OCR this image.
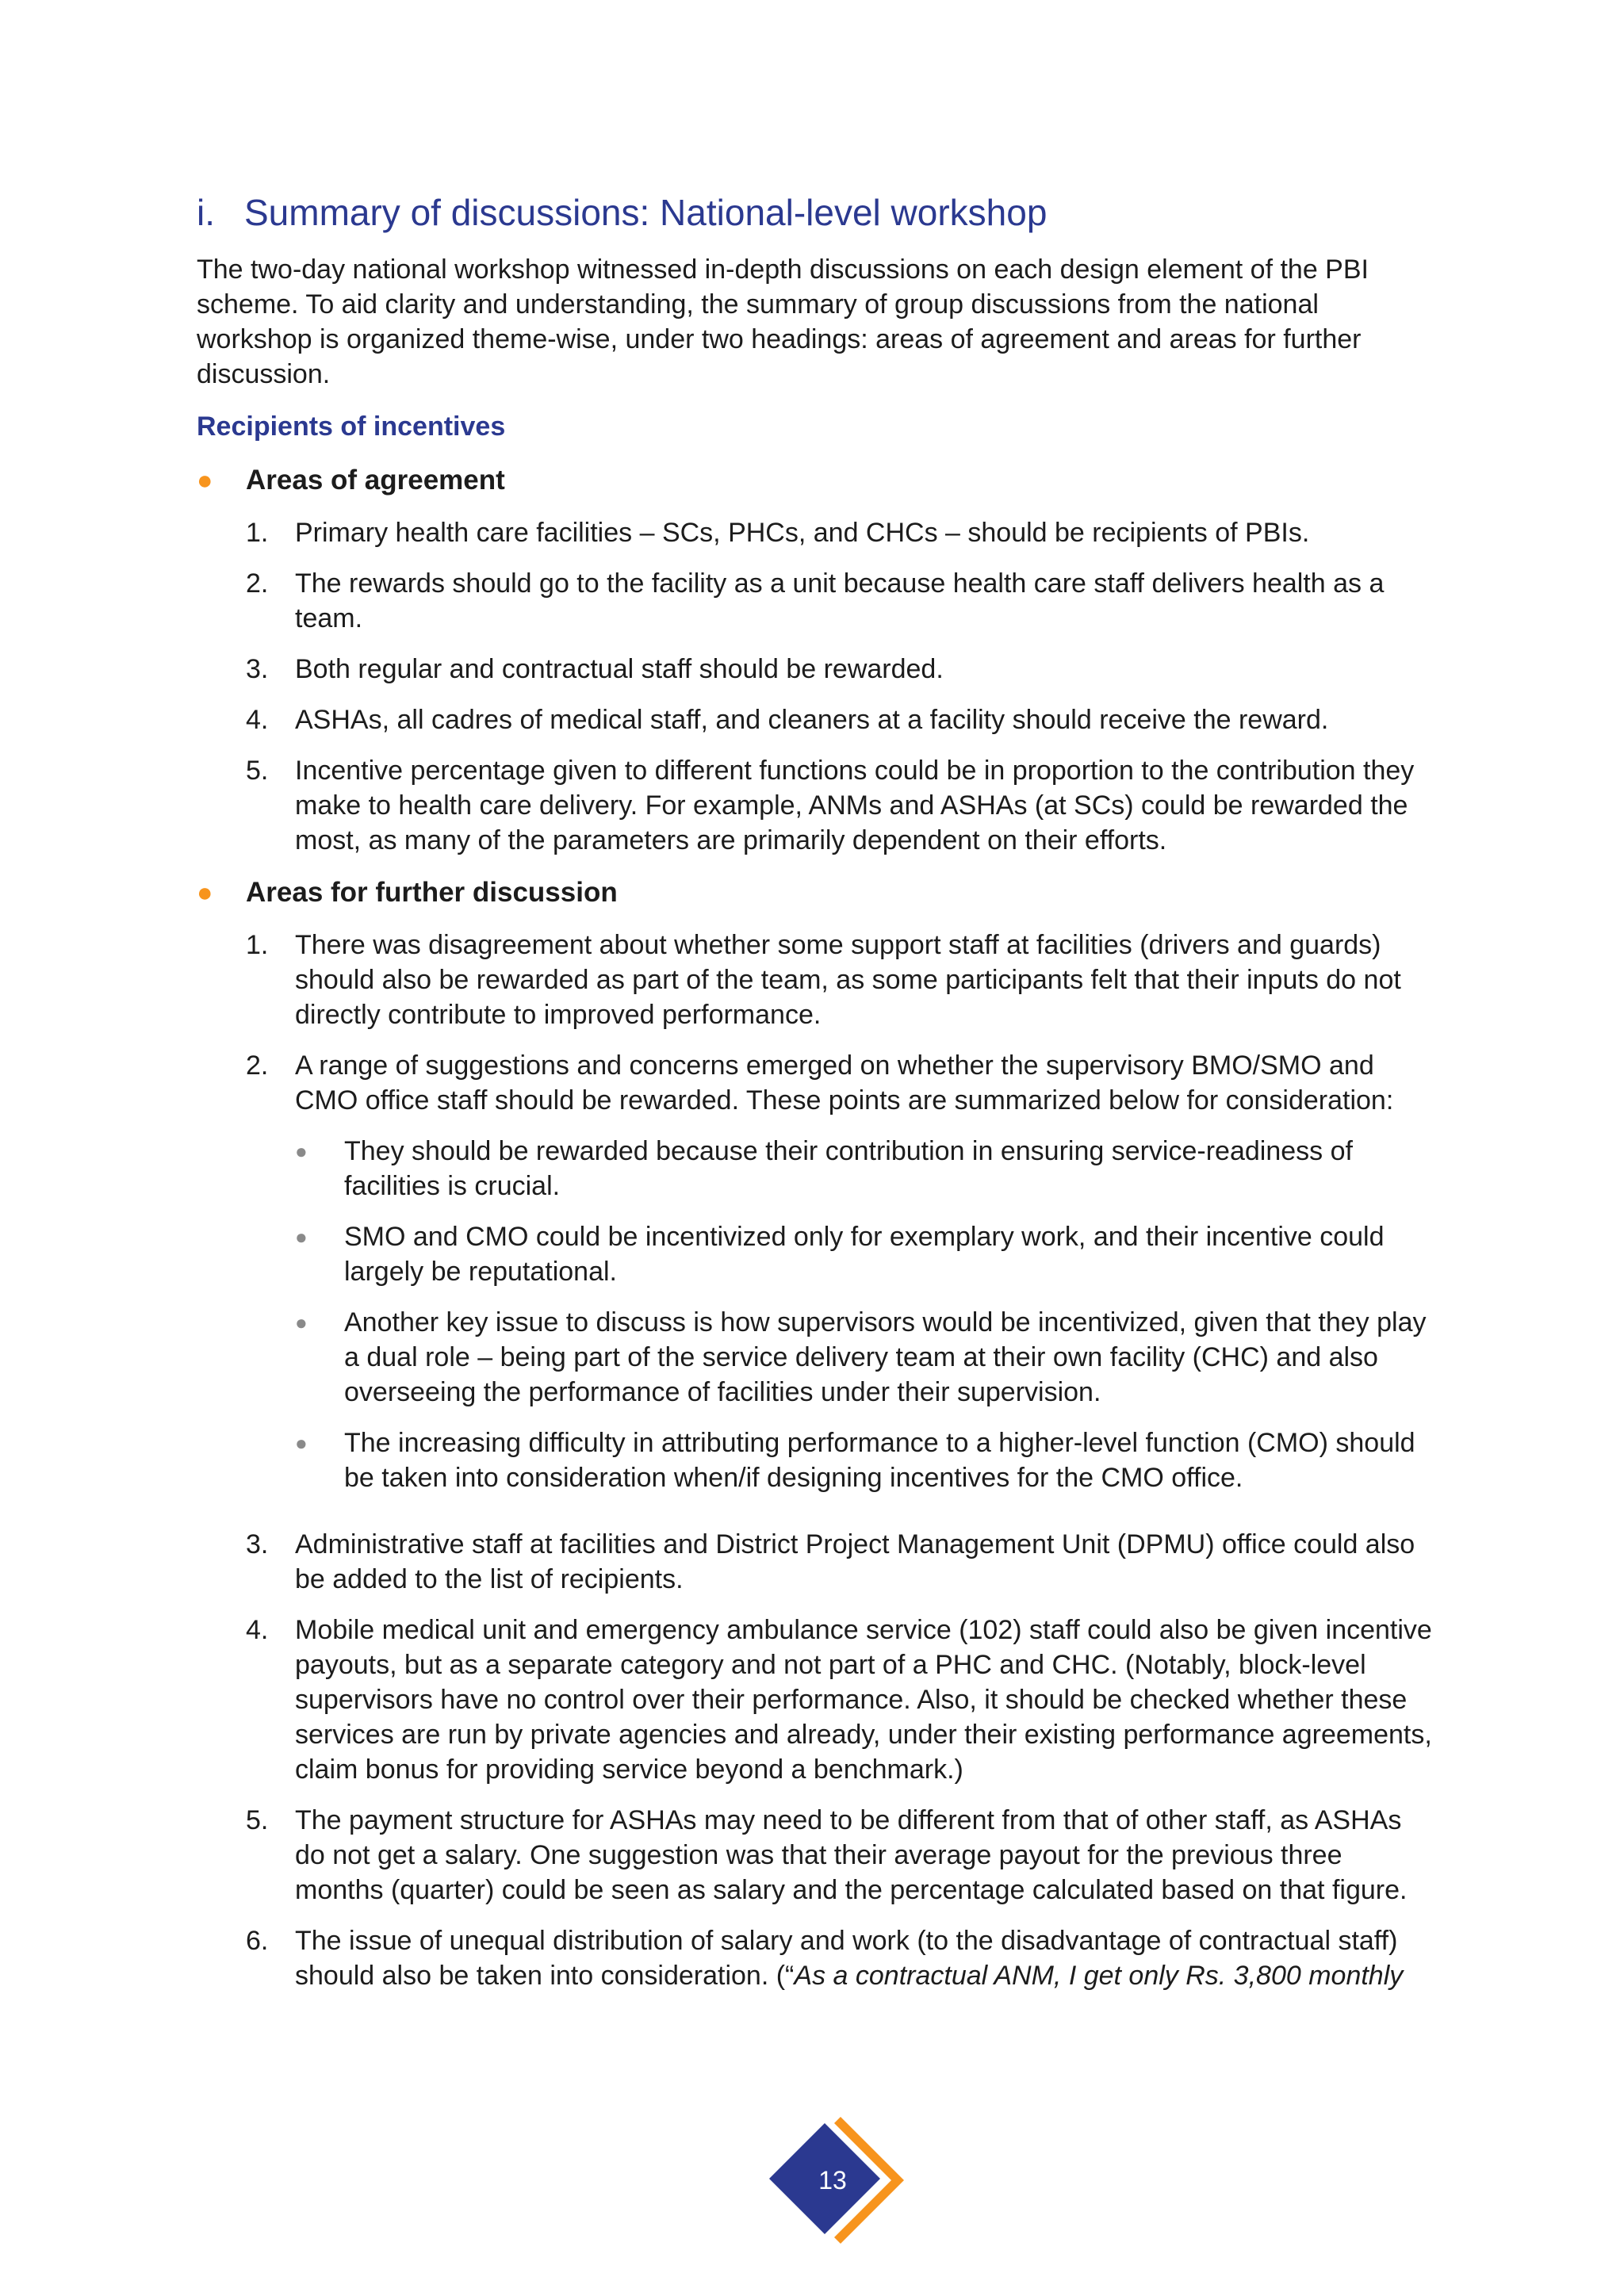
i. Summary of discussions: National-level workshop

The two-day national workshop witnessed in-depth discussions on each design element of the PBI scheme. To aid clarity and understanding, the summary of group discussions from the national workshop is organized theme-wise, under two headings: areas of agreement and areas for further discussion.

Recipients of incentives
●	Areas of agreement
1. Primary health care facilities – SCs, PHCs, and CHCs – should be recipients of PBIs.
2. The rewards should go to the facility as a unit because health care staff delivers health as a team.
3. Both regular and contractual staff should be rewarded.
4. ASHAs, all cadres of medical staff, and cleaners at a facility should receive the reward.
5. Incentive percentage given to different functions could be in proportion to the contribution they make to health care delivery. For example, ANMs and ASHAs (at SCs) could be rewarded the most, as many of the parameters are primarily dependent on their efforts.
●	Areas for further discussion
1. There was disagreement about whether some support staff at facilities (drivers and guards) should also be rewarded as part of the team, as some participants felt that their inputs do not directly contribute to improved performance.
2. A range of suggestions and concerns emerged on whether the supervisory BMO/SMO and CMO office staff should be rewarded. These points are summarized below for consideration:
●	They should be rewarded because their contribution in ensuring service-readiness of facilities is crucial.
●	SMO and CMO could be incentivized only for exemplary work, and their incentive could largely be reputational.
●	Another key issue to discuss is how supervisors would be incentivized, given that they play a dual role – being part of the service delivery team at their own facility (CHC) and also overseeing the performance of facilities under their supervision.
●	The increasing difficulty in attributing performance to a higher-level function (CMO) should be taken into consideration when/if designing incentives for the CMO office.
3. Administrative staff at facilities and District Project Management Unit (DPMU) office could also be added to the list of recipients.
4. Mobile medical unit and emergency ambulance service (102) staff could also be given incentive payouts, but as a separate category and not part of a PHC and CHC. (Notably, block-level supervisors have no control over their performance. Also, it should be checked whether these services are run by private agencies and already, under their existing performance agreements, claim bonus for providing service beyond a benchmark.)
5. The payment structure for ASHAs may need to be different from that of other staff, as ASHAs do not get a salary. One suggestion was that their average payout for the previous three months (quarter) could be seen as salary and the percentage calculated based on that figure.
6. The issue of unequal distribution of salary and work (to the disadvantage of contractual staff) should also be taken into consideration. (“As a contractual ANM, I get only Rs. 3,800 monthly
13
